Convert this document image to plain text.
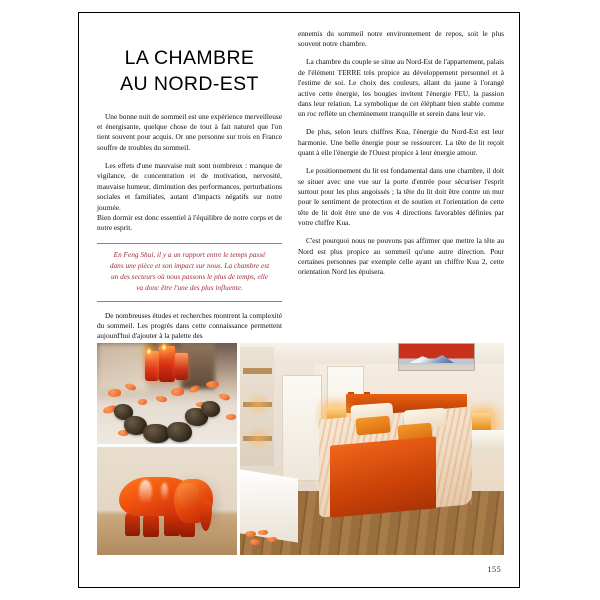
LA CHAMBRE
AU NORD-EST

Une bonne nuit de sommeil est une expérience merveilleuse et énergisante, quelque chose de tout à fait naturel que l'on tient souvent pour acquis. Or une personne sur trois en France souffre de troubles du sommeil.

Les effets d'une mauvaise nuit sont nombreux : manque de vigilance, de concentration et de motivation, nervosité, mauvaise humeur, diminution des performances, perturbations sociales et familiales, autant d'impacts négatifs sur notre journée.

Bien dormir est donc essentiel à l'équilibre de notre corps et de notre esprit.

En Feng Shui, il y a un rapport entre le temps passé dans une pièce et son impact sur nous. La chambre est un des secteurs où nous passons le plus de temps, elle va donc être l'une des plus influente.

De nombreuses études et recherches montrent la complexité du sommeil. Les progrès dans cette connaissance permettent aujourd'hui d'ajouter à la palette des

ennemis du sommeil notre environnement de repos, soit le plus souvent notre chambre.

La chambre du couple se situe au Nord-Est de l'appartement, palais de l'élément TERRE très propice au développement personnel et à l'estime de soi. Le choix des couleurs, allant du jaune à l'orangé active cette énergie, les bougies invitent l'énergie FEU, la passion dans leur relation. La symbolique de cet éléphant bien stable comme un roc reflète un cheminement tranquille et serein dans leur vie.

De plus, selon leurs chiffres Kua, l'énergie du Nord-Est est leur harmonie. Une belle énergie pour se ressourcer. La tête de lit reçoit quant à elle l'énergie de l'Ouest propice à leur énergie amour.

Le positionnement du lit est fondamental dans une chambre, il doit se situer avec une vue sur la porte d'entrée pour sécuriser l'esprit surtout pour les plus angoissés ; la tête du lit doit être contre un mur pour le sentiment de protection et de soutien et l'orientation de cette tête de lit doit être une de vos 4 directions favorables définies par votre chiffre Kua.

C'est pourquoi nous ne pouvons pas affirmer que mettre la tête au Nord est plus propice au sommeil qu'une autre direction. Pour certaines personnes par exemple celle ayant un chiffre Kua 2, cette orientation Nord les épuisera.

155
